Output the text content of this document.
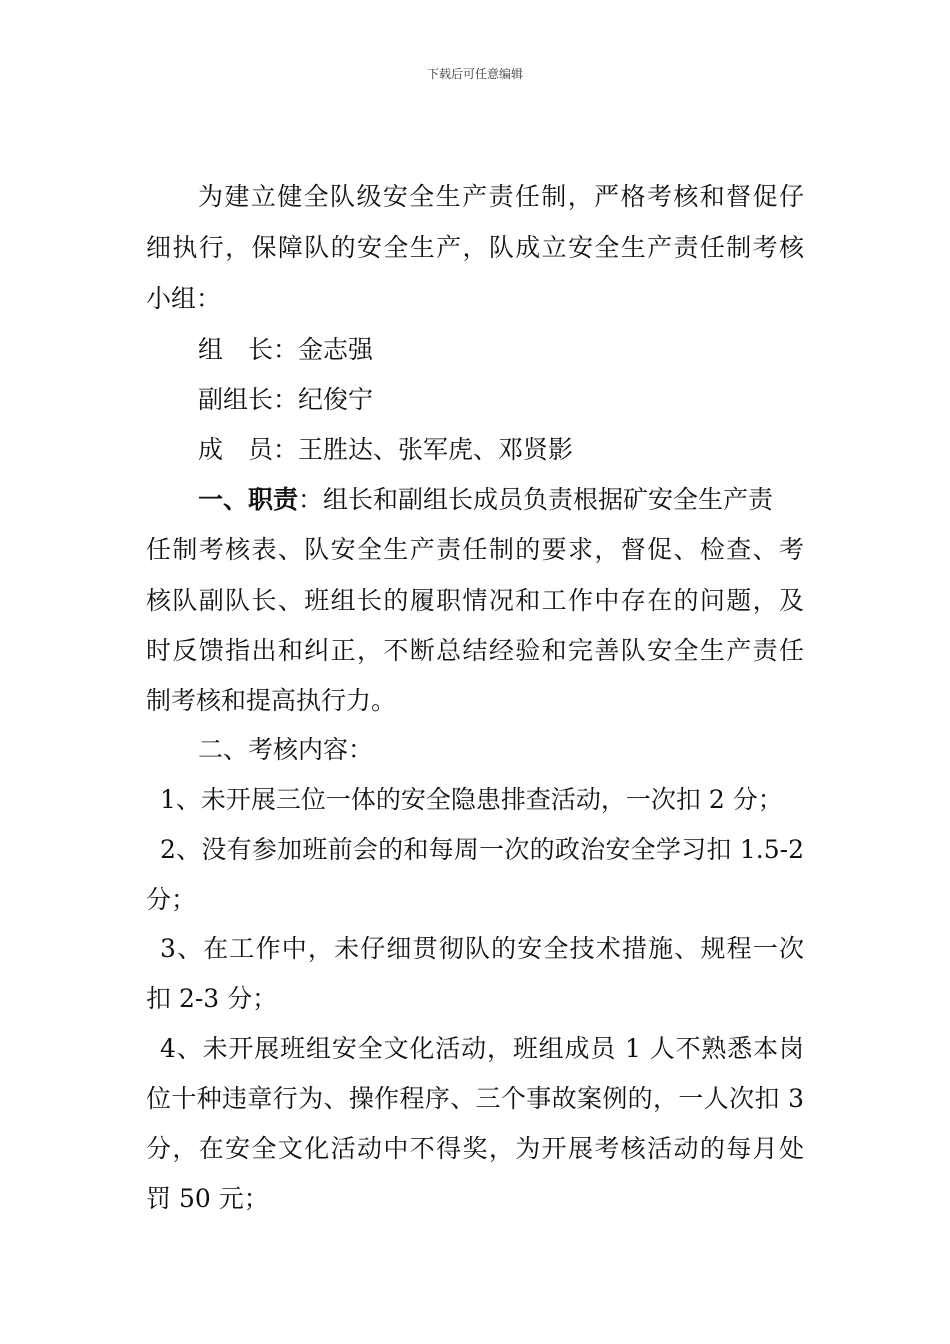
下载后可任意编辑
为建立健全队级安全生产责任制，严格考核和督促仔
细执行，保障队的安全生产，队成立安全生产责任制考核
小组：
组　长：金志强
副组长：纪俊宁
成　员：王胜达、张军虎、邓贤影
一、职责：组长和副组长成员负责根据矿安全生产责
任制考核表、队安全生产责任制的要求，督促、检查、考
核队副队长、班组长的履职情况和工作中存在的问题，及
时反馈指出和纠正，不断总结经验和完善队安全生产责任
制考核和提高执行力。
二、考核内容：
1、未开展三位一体的安全隐患排查活动，一次扣 2 分；
2、没有参加班前会的和每周一次的政治安全学习扣 1.5-2
分；
3、在工作中，未仔细贯彻队的安全技术措施、规程一次
扣 2-3 分；
4、未开展班组安全文化活动，班组成员 1 人不熟悉本岗
位十种违章行为、操作程序、三个事故案例的，一人次扣 3
分，在安全文化活动中不得奖，为开展考核活动的每月处
罚 50 元；
